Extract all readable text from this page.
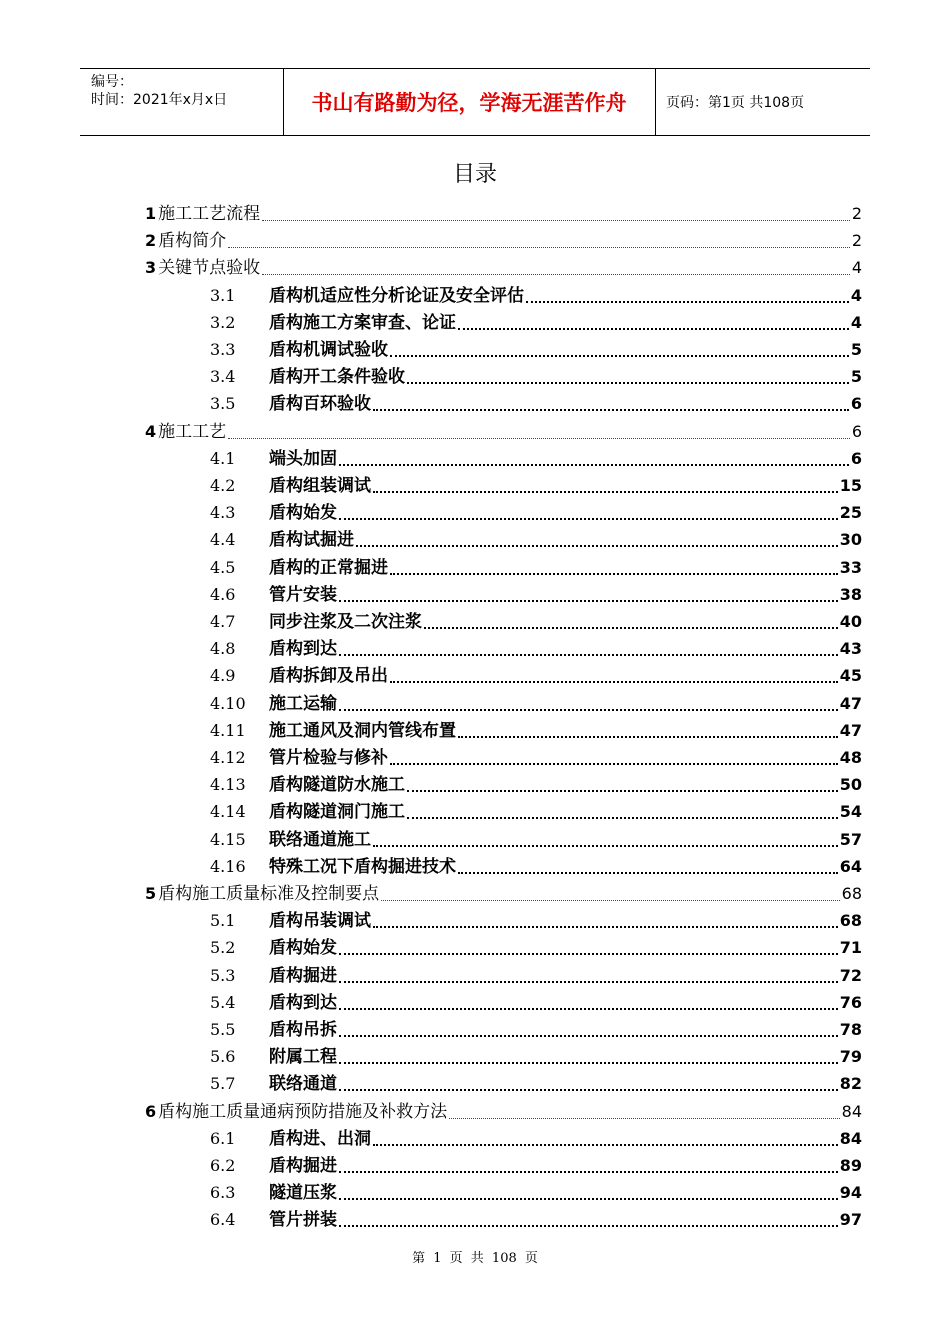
编号：
时间：2021年x月x日	书山有路勤为径，学海无涯苦作舟	页码：第1页 共108页
目录
1 施工工艺流程	2
2 盾构简介	2
3 关键节点验收	4
3.1	盾构机适应性分析论证及安全评估	4
3.2	盾构施工方案审查、论证	4
3.3	盾构机调试验收	5
3.4	盾构开工条件验收	5
3.5	盾构百环验收	6
4 施工工艺	6
4.1	端头加固	6
4.2	盾构组装调试	15
4.3	盾构始发	25
4.4	盾构试掘进	30
4.5	盾构的正常掘进	33
4.6	管片安装	38
4.7	同步注浆及二次注浆	40
4.8	盾构到达	43
4.9	盾构拆卸及吊出	45
4.10	施工运输	47
4.11	施工通风及洞内管线布置	47
4.12	管片检验与修补	48
4.13	盾构隧道防水施工	50
4.14	盾构隧道洞门施工	54
4.15	联络通道施工	57
4.16	特殊工况下盾构掘进技术	64
5 盾构施工质量标准及控制要点	68
5.1	盾构吊装调试	68
5.2	盾构始发	71
5.3	盾构掘进	72
5.4	盾构到达	76
5.5	盾构吊拆	78
5.6	附属工程	79
5.7	联络通道	82
6 盾构施工质量通病预防措施及补救方法	84
6.1	盾构进、出洞	84
6.2	盾构掘进	89
6.3	隧道压浆	94
6.4	管片拼装	97
第 1 页 共 108 页
